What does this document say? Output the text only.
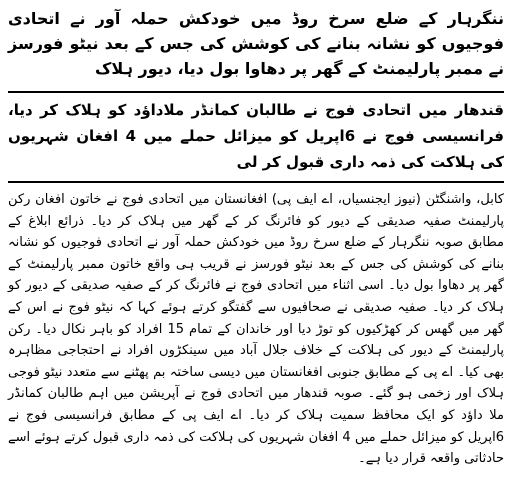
ننگرہار کے ضلع سرخ روڈ میں خودکش حملہ آور نے اتحادی فوجیوں کو نشانہ بنانے کی کوشش کی جس کے بعد نیٹو فورسز نے ممبر پارلیمنٹ کے گھر پر دھاوا بول دیا، دیور ہلاک
قندھار میں اتحادی فوج نے طالبان کمانڈر ملاداؤد کو ہلاک کر دیا، فرانسیسی فوج نے 6اپریل کو میزائل حملے میں 4 افغان شہریوں کی ہلاکت کی ذمہ داری قبول کر لی

کابل، واشنگٹن (نیوز ایجنسیاں، اے ایف پی) افغانستان میں اتحادی فوج نے خاتون افغان رکن پارلیمنٹ صفیہ صدیقی کے دیور کو فائرنگ کر کے گھر میں ہلاک کر دیا۔ ذرائع ابلاغ کے مطابق صوبہ ننگرہار کے ضلع سرخ روڈ میں خودکش حملہ آور نے اتحادی فوجیوں کو نشانہ بنانے کی کوشش کی جس کے بعد نیٹو فورسز نے قریب ہی واقع خاتون ممبر پارلیمنٹ کے گھر پر دھاوا بول دیا۔ اسی اثناء میں اتحادی فوج نے فائرنگ کر کے صفیہ صدیقی کے دیور کو ہلاک کر دیا۔ صفیہ صدیقی نے صحافیوں سے گفتگو کرتے ہوئے کہا کہ نیٹو فوج نے اس کے گھر میں گھس کر کھڑکیوں کو توڑ دیا اور خاندان کے تمام 15 افراد کو باہر نکال دیا۔ رکن پارلیمنٹ کے دیور کی ہلاکت کے خلاف جلال آباد میں سینکڑوں افراد نے احتجاجی مظاہرہ بھی کیا۔ اے پی کے مطابق جنوبی افغانستان میں دیسی ساختہ بم پھٹنے سے متعدد نیٹو فوجی ہلاک اور زخمی ہو گئے۔ صوبہ قندھار میں اتحادی فوج نے آپریشن میں اہم طالبان کمانڈر ملا داؤد کو ایک محافظ سمیت ہلاک کر دیا۔ اے ایف پی کے مطابق فرانسیسی فوج نے 6اپریل کو میزائل حملے میں 4 افغان شہریوں کی ہلاکت کی ذمہ داری قبول کرتے ہوئے اسے حادثاتی واقعہ قرار دیا ہے۔
